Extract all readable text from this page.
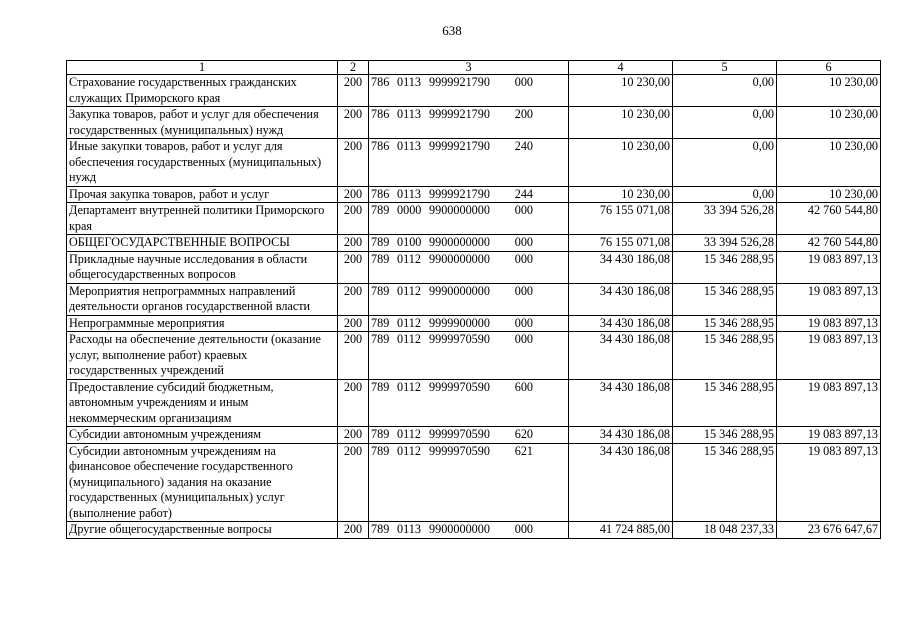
638
1	2	3	4	5	6
Страхование государственных гражданских служащих Приморского края	200	786 0113 9999921790 000	10 230,00	0,00	10 230,00
Закупка товаров, работ и услуг для обеспечения государственных (муниципальных) нужд	200	786 0113 9999921790 200	10 230,00	0,00	10 230,00
Иные закупки товаров, работ и услуг для обеспечения государственных (муниципальных) нужд	200	786 0113 9999921790 240	10 230,00	0,00	10 230,00
Прочая закупка товаров, работ и услуг	200	786 0113 9999921790 244	10 230,00	0,00	10 230,00
Департамент внутренней политики Приморского края	200	789 0000 9900000000 000	76 155 071,08	33 394 526,28	42 760 544,80
ОБЩЕГОСУДАРСТВЕННЫЕ ВОПРОСЫ	200	789 0100 9900000000 000	76 155 071,08	33 394 526,28	42 760 544,80
Прикладные научные исследования в области общегосударственных вопросов	200	789 0112 9900000000 000	34 430 186,08	15 346 288,95	19 083 897,13
Мероприятия непрограммных направлений деятельности органов государственной власти	200	789 0112 9990000000 000	34 430 186,08	15 346 288,95	19 083 897,13
Непрограммные мероприятия	200	789 0112 9999900000 000	34 430 186,08	15 346 288,95	19 083 897,13
Расходы на обеспечение деятельности (оказание услуг, выполнение работ) краевых государственных учреждений	200	789 0112 9999970590 000	34 430 186,08	15 346 288,95	19 083 897,13
Предоставление субсидий бюджетным, автономным учреждениям и иным некоммерческим организациям	200	789 0112 9999970590 600	34 430 186,08	15 346 288,95	19 083 897,13
Субсидии автономным учреждениям	200	789 0112 9999970590 620	34 430 186,08	15 346 288,95	19 083 897,13
Субсидии автономным учреждениям на финансовое обеспечение государственного (муниципального) задания на оказание государственных (муниципальных) услуг (выполнение работ)	200	789 0112 9999970590 621	34 430 186,08	15 346 288,95	19 083 897,13
Другие общегосударственные вопросы	200	789 0113 9900000000 000	41 724 885,00	18 048 237,33	23 676 647,67
